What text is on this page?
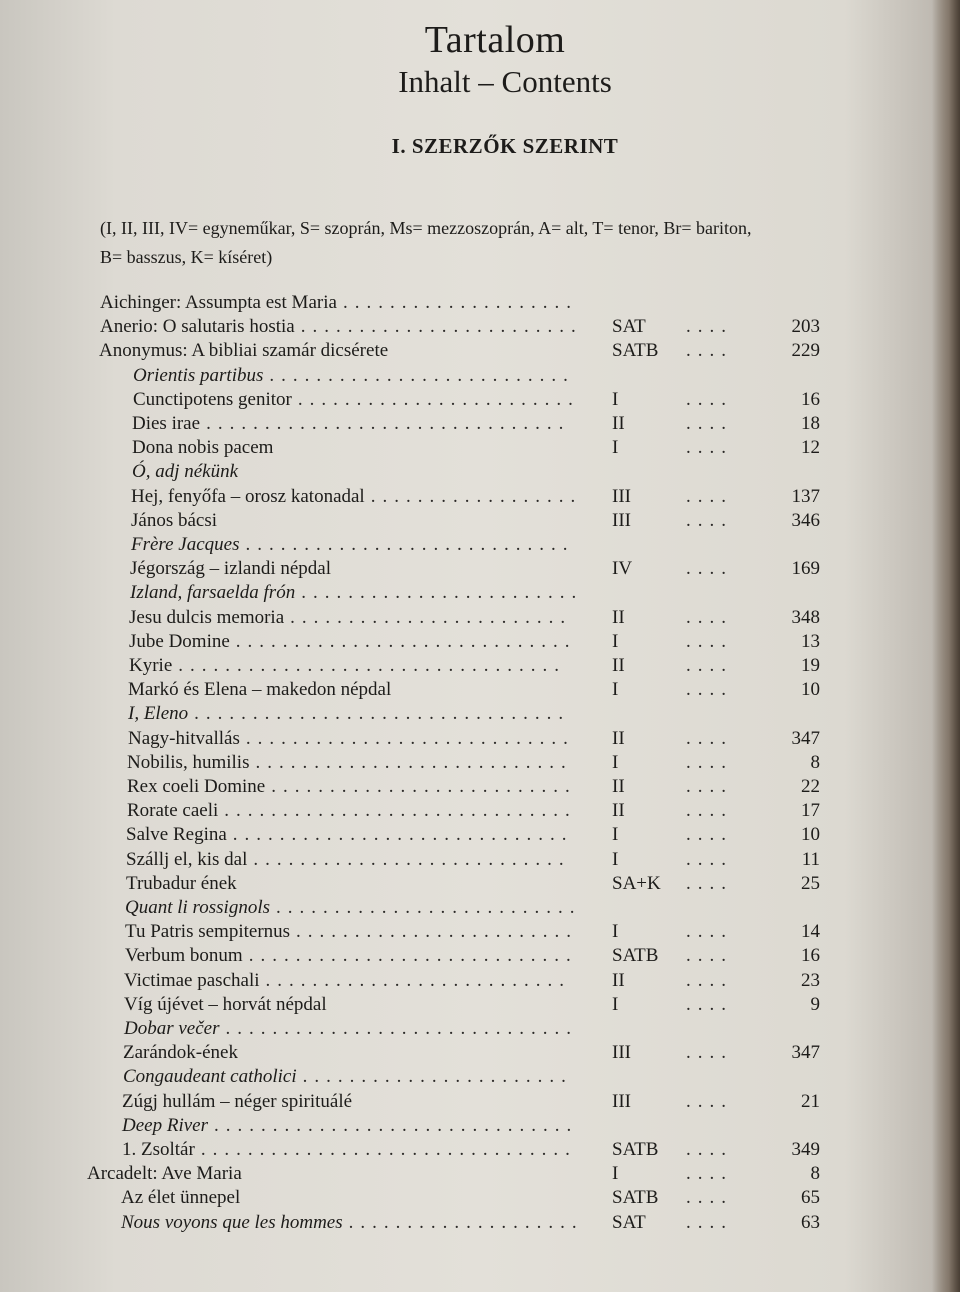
Tartalom
Inhalt – Contents
I. SZERZŐK SZERINT
(I, II, III, IV= egyneműkar, S= szoprán, Ms= mezzoszoprán, A= alt, T= tenor, Br= bariton,
B= basszus, K= kíséret)
Aichinger: Assumpta est Maria ....................
Anerio: O salutaris hostia ........................ SAT ....	203
Anonymus: A bibliai szamár dicsérete	SATB ....	229
Orientis partibus ..........................
Cunctipotens genitor ........................ I	....	16
Dies irae ............................... II	....	18
Dona nobis pacem	I	....	12
Ó, adj nékünk
Hej, fenyőfa – orosz katonadal .................. III	....	137
János bácsi	III	....	346
Frère Jacques ............................
Jégország – izlandi népdal	IV	....	169
Izland, farsaelda frón ........................
Jesu dulcis memoria ........................ II	....	348
Jube Domine ............................. I	....	13
Kyrie ................................. II	....	19
Markó és Elena – makedon népdal	I	....	10
I, Eleno ................................
Nagy-hitvallás ............................ II	....	347
Nobilis, humilis ........................... I	....	8
Rex coeli Domine .......................... II	....	22
Rorate caeli .............................. II	....	17
Salve Regina ............................. I	....	10
Szállj el, kis dal ........................... I	....	11
Trubadur ének	SA+K ....	25
Quant li rossignols ..........................
Tu Patris sempiternus ........................ I	....	14
Verbum bonum ............................ SATB ....	16
Victimae paschali .......................... II	....	23
Víg újévet – horvát népdal	I	....	9
Dobar večer ..............................
Zarándok-ének	III	....	347
Congaudeant catholici .......................
Zúgj hullám – néger spirituálé	III	....	21
Deep River ...............................
1. Zsoltár ................................ SATB ....	349
Arcadelt: Ave Maria	I	....	8
Az élet ünnepel	SATB ....	65
Nous voyons que les hommes .................... SAT ....	63
